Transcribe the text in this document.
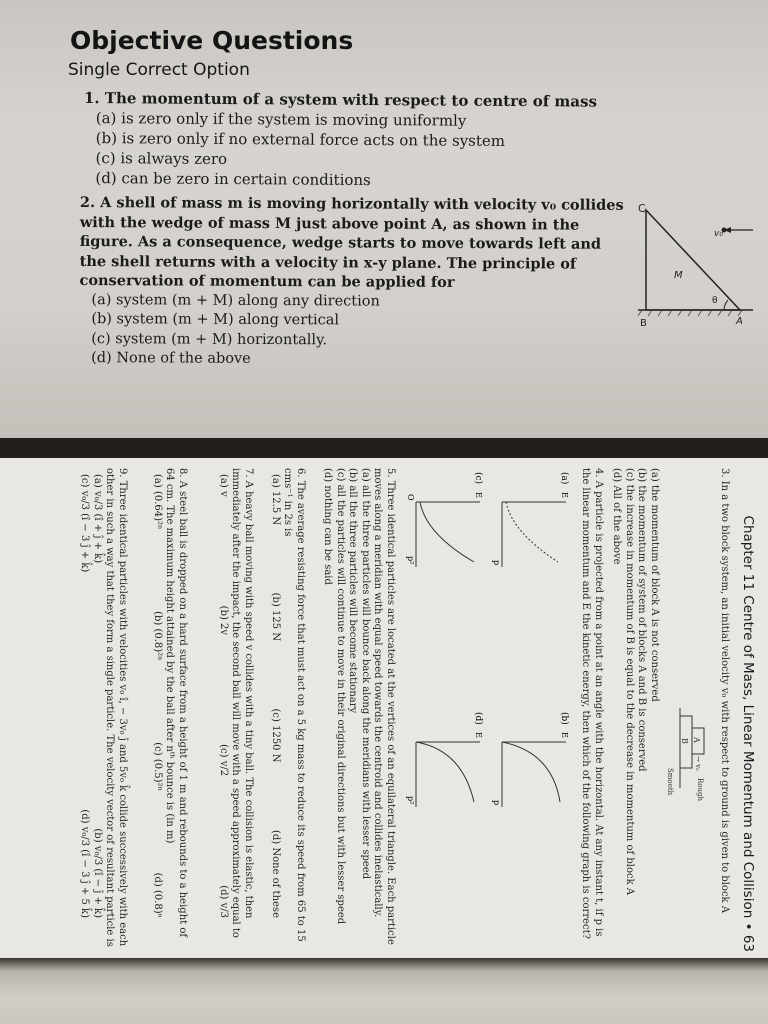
Objective Questions
Single Correct Option
1. The momentum of a system with respect to centre of mass
(a) is zero only if the system is moving uniformly
(b) is zero only if no external force acts on the system
(c) is always zero
(d) can be zero in certain conditions
2. A shell of mass m is moving horizontally with velocity v₀ collides with the wedge of mass M just above point A, as shown in the figure. As a consequence, wedge starts to move towards left and the shell returns with a velocity in x-y plane. The principle of conservation of momentum can be applied for
(a) system (m + M) along any direction
(b) system (m + M) along vertical
(c) system (m + M) horizontally.
(d) None of the above
C
v₀
M
θ
B	A
Chapter 11 Centre of Mass, Linear Momentum and Collision • 63
3. In a two block system, an initial velocity v₀ with respect to ground is given to block A
A
B
→ v₀
Rough
Smooth
(a) the momentum of block A is not conserved
(b) the momentum of system of blocks A and B is conserved
(c) the increase in momentum of B is equal to the decrease in momentum of block A
(d) All of the above
4. A particle is projected from a point at an angle with the horizontal. At any instant t, if p is the linear momentum and E the kinetic energy, then which of the following graph is correct?
(a)
E
p
(b)
E
p
(c)
E
O
p²
(d)
E
p²
5. Three identical particles are located at the vertices of an equilateral triangle. Each particle moves along a meridian with equal speed towards the centroid and collides inelastically.
(a) all the three particles will bounce back along the meridians with lesser speed
(b) all the three particles will become stationary
(c) all the particles will continue to move in their original directions but with lesser speed
(d) nothing can be said
6. The average resisting force that must act on a 5 kg mass to reduce its speed from 65 to 15 cms⁻¹ in 2s is
(a) 12.5 N
(b) 125 N
(c) 1250 N
(d) None of these
7. A heavy ball moving with speed v collides with a tiny ball. The collision is elastic, then immediately after the impact, the second ball will move with a speed approximately equal to
(a) v
(b) 2v
(c) v/2
(d) v/3
8. A steel ball is dropped on a hard surface from a height of 1 m and rebounds to a height of 64 cm. The maximum height attained by the ball after nᵗʰ bounce is (in m)
(a) (0.64)²ⁿ
(b) (0.8)²ⁿ
(c) (0.5)²ⁿ
(d) (0.8)ⁿ
9. Three identical particles with velocities v₀ î, − 3v₀ ĵ and 5v₀ k̂ collide successively with each other in such a way that they form a single particle. The velocity vector of resultant particle is
(a) v₀/3 (î + ĵ + k̂)
(b) v₀/3 (î − ĵ + k̂)
(c) v₀/3 (î − 3 ĵ + k̂)
(d) v₀/3 (î − 3 ĵ + 5 k̂)
